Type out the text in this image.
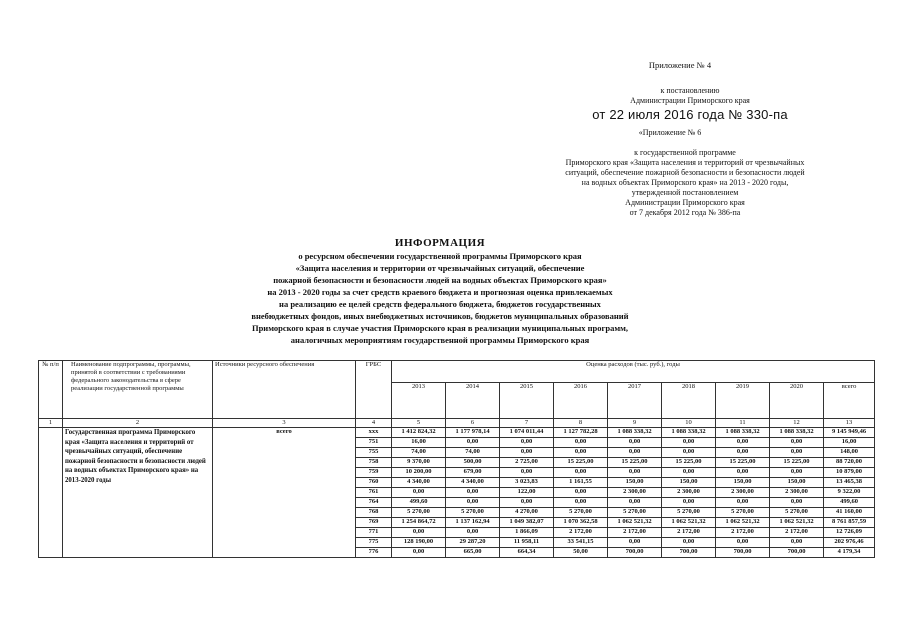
Приложение № 4
к постановлению
Администрации Приморского края
от 22 июля 2016 года № 330-па
«Приложение № 6
к государственной программе
Приморского края «Защита населения и территорий от чрезвычайных
ситуаций, обеспечение пожарной безопасности и безопасности людей
на водных объектах Приморского края» на 2013 - 2020 годы,
утвержденной постановлением
Администрации Приморского края
от 7 декабря 2012 года № 386-па
ИНФОРМАЦИЯ
о ресурсном обеспечении государственной программы Приморского края
«Защита населения и территории от чрезвычайных ситуаций, обеспечение
пожарной безопасности и безопасности людей на водных объектах Приморского края»
на 2013 - 2020 годы за счет средств краевого бюджета и прогнозная оценка привлекаемых
на реализацию ее целей средств федерального бюджета, бюджетов государственных
внебюджетных фондов, иных внебюджетных источников, бюджетов муниципальных образований
Приморского края в случае участия Приморского края в реализации муниципальных программ,
аналогичных мероприятиям государственной программы Приморского края
№ п/п	Наименование подпрограммы, программы, принятой в соответствии с требованиями федерального законодательства в сфере реализации государственной программы	Источники ресурсного обеспечения	ГРБС	Оценка расходов (тыс. руб.), годы								
				2013	2014	2015	2016	2017	2018	2019	2020	всего
1	2	3	4	5	6	7	8	9	10	11	12	13
	Государственная программа Приморского края «Защита населения и территорий от чрезвычайных ситуаций, обеспечение пожарной безопасности и безопасности людей на водных объектах Приморского края» на 2013-2020 годы	всего	ххх	1 412 824,32	1 177 978,14	1 074 011,44	1 127 782,28	1 088 338,32	1 088 338,32	1 088 338,32	1 088 338,32	9 145 949,46
			751	16,00	0,00	0,00	0,00	0,00	0,00	0,00	0,00	16,00
			755	74,00	74,00	0,00	0,00	0,00	0,00	0,00	0,00	148,00
			758	9 370,00	500,00	2 725,00	15 225,00	15 225,00	15 225,00	15 225,00	15 225,00	88 720,00
			759	10 200,00	679,00	0,00	0,00	0,00	0,00	0,00	0,00	10 879,00
			760	4 340,00	4 340,00	3 023,83	1 161,55	150,00	150,00	150,00	150,00	13 465,38
			761	0,00	0,00	122,00	0,00	2 300,00	2 300,00	2 300,00	2 300,00	9 322,00
			764	499,60	0,00	0,00	0,00	0,00	0,00	0,00	0,00	499,60
			768	5 270,00	5 270,00	4 270,00	5 270,00	5 270,00	5 270,00	5 270,00	5 270,00	41 160,00
			769	1 254 864,72	1 137 162,94	1 049 382,07	1 070 362,58	1 062 521,32	1 062 521,32	1 062 521,32	1 062 521,32	8 761 857,59
			771	0,00	0,00	1 866,09	2 172,00	2 172,00	2 172,00	2 172,00	2 172,00	12 726,09
			775	128 190,00	29 287,20	11 958,11	33 541,15	0,00	0,00	0,00	0,00	202 976,46
			776	0,00	665,00	664,34	50,00	700,00	700,00	700,00	700,00	4 179,34
